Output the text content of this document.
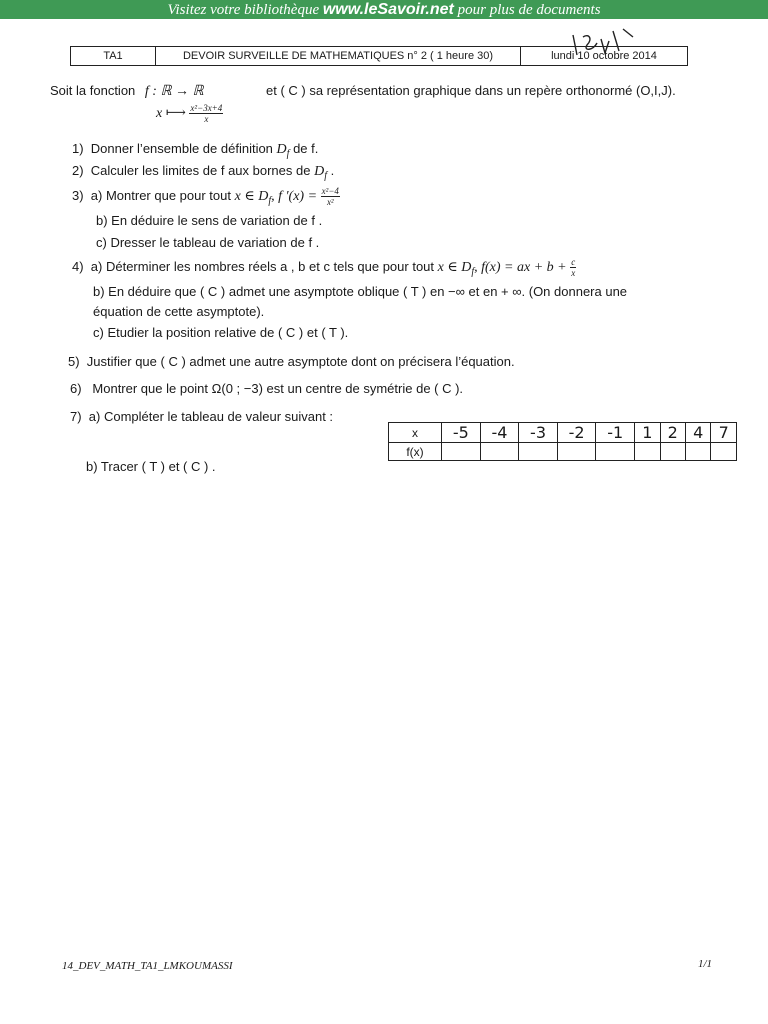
Visitez votre bibliothèque www.leSavoir.net pour plus de documents
TA1	DEVOIR SURVEILLE DE MATHEMATIQUES n° 2 ( 1 heure 30)	lundi 10 octobre 2014
Soit la fonction f : ℝ → ℝ	et ( C ) sa représentation graphique dans un repère orthonormé (O,I,J).
x ⟼ $\frac{\text{x²−3x+4}}{x}$
1) Donner l’ensemble de définition $D_f$ de f.
2) Calculer les limites de f aux bornes de $D_f$ .
3) a) Montrer que pour tout x ∈ $D_f$, f $'(x) = \frac{\text{x²−4}}{\text{x²}}$
b) En déduire le sens de variation de f .
c) Dresser le tableau de variation de f .
4) a) Déterminer les nombres réels a , b et c tels que pour tout x ∈ $D_f$, f(x) = ax + $b + \frac{c}{x}$
b) En déduire que ( C ) admet une asymptote oblique ( T ) en −∞ et en + ∞. (On donnera une
équation de cette asymptote).
c) Etudier la position relative de ( C ) et ( T ).
5) Justifier que ( C ) admet une autre asymptote dont on précisera l’équation.
6) Montrer que le point Ω(0 ; −3) est un centre de symétrie de ( C ).
7) a) Compléter le tableau de valeur suivant :
b) Tracer ( T ) et ( C ) .
x	-5	-4	-3	-2	-1	1	2	4	7
f(x)									
14_DEV_MATH_TA1_LMKOUMASSI	1/1
